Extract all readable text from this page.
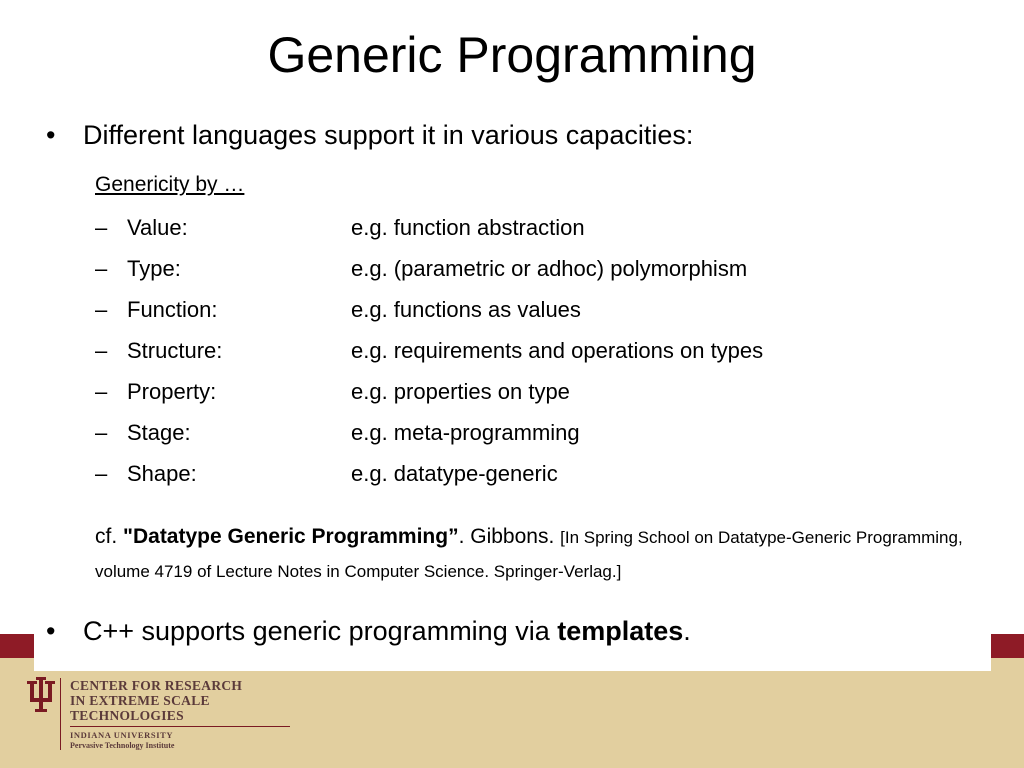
Generic Programming
• Different languages support it in various capacities:
Genericity by …
– Value:	e.g. function abstraction
– Type:	e.g. (parametric or adhoc) polymorphism
– Function:	e.g. functions as values
– Structure:	e.g. requirements and operations on types
– Property:	e.g. properties on type
– Stage:	e.g. meta-programming
– Shape:	e.g. datatype-generic
cf. "Datatype Generic Programming”. Gibbons. [In Spring School on Datatype-Generic Programming, volume 4719 of Lecture Notes in Computer Science. Springer-Verlag.]
• C++ supports generic programming via templates.
CENTER FOR RESEARCH
IN EXTREME SCALE
TECHNOLOGIES
INDIANA UNIVERSITY
Pervasive Technology Institute
